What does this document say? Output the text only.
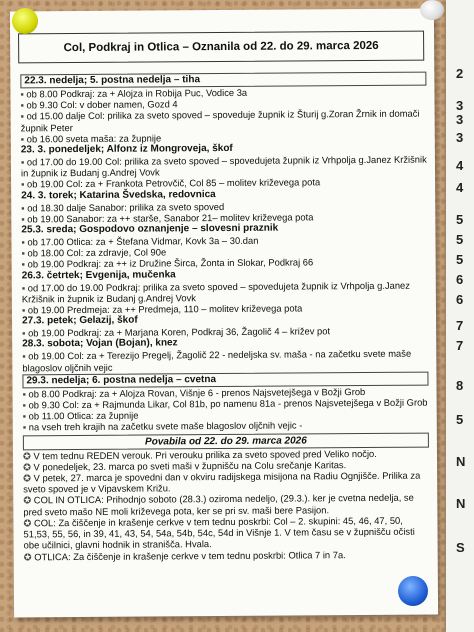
2
3
3
3
4
4
5
5
5
6
6
7
7
8
5
N
N
S
Col, Podkraj in Otlica – Oznanila od 22. do 29. marca 2026
22.3. nedelja; 5. postna nedelja – tiha
▪ ob 8.00 Podkraj: za + Alojza in Robija Puc, Vodice 3a
▪ ob 9.30 Col: v dober namen, Gozd 4
▪ od 15.00 dalje Col: prilika za sveto spoved – spoveduje župnik iz Šturij g.Zoran Žrnik in domači župnik Peter
▪ ob 16.00 sveta maša: za župnije
23. 3. ponedeljek; Alfonz iz Mongroveja, škof
▪ od 17.00 do 19.00 Col: prilika za sveto spoved – spovedujeta župnik iz Vrhpolja g.Janez Kržišnik in župnik iz Budanj g.Andrej Vovk
▪ ob 19.00 Col: za + Frankota Petrovčič, Col 85 – molitev križevega pota
24. 3. torek; Katarina Švedska, redovnica
▪ od 18.30 dalje Sanabor: prilika za sveto spoved
▪ ob 19.00 Sanabor: za ++ starše, Sanabor 21– molitev križevega pota
25.3. sreda; Gospodovo oznanjenje – slovesni praznik
▪ ob 17.00 Otlica: za + Štefana Vidmar, Kovk 3a – 30.dan
▪ ob 18.00 Col: za zdravje, Col 90e
▪ ob 19.00 Podkraj: za ++ iz Družine Širca, Žonta in Slokar, Podkraj 66
26.3. četrtek; Evgenija, mučenka
▪ od 17.00 do 19.00 Podkraj: prilika za sveto spoved – spovedujeta župnik iz Vrhpolja g.Janez Kržišnik in župnik iz Budanj g.Andrej Vovk
▪ ob 19.00 Predmeja: za ++ Predmeja, 110 – molitev križevega pota
27.3. petek; Gelazij, škof
▪ ob 19.00 Podkraj: za + Marjana Koren, Podkraj 36, Žagolič 4 – križev pot
28.3. sobota; Vojan (Bojan), knez
▪ ob 19.00 Col: za + Terezijo Pregelj, Žagolič 22 - nedeljska sv. maša - na začetku svete maše blagoslov oljčnih vejic
29.3. nedelja; 6. postna nedelja – cvetna
▪ ob 8.00 Podkraj: za + Alojza Rovan, Višnje 6 - prenos Najsvetejšega v Božji Grob
▪ ob 9.30 Col: za + Rajmunda Likar, Col 81b, po namenu 81a - prenos Najsvetejšega v Božji Grob
▪ ob 11.00 Otlica: za župnije
▪ na vseh treh krajih na začetku svete maše blagoslov oljčnih vejic -
Povabila od 22. do 29. marca 2026
✪ V tem tednu REDEN verouk. Pri verouku prilika za sveto spoved pred Veliko nočjo.
✪ V ponedeljek, 23. marca po sveti maši v župnišču na Colu srečanje Karitas.
✪ V petek, 27. marca je spovedni dan v okviru radijskega misijona na Radiu Ognjišče. Prilika za sveto spoved je v Vipavskem Križu.
✪ COL IN OTLICA: Prihodnjo soboto (28.3.) oziroma nedeljo, (29.3.). ker je cvetna nedelja, se pred sveto mašo NE moli križevega pota, ker se pri sv. maši bere Pasijon.
✪ COL: Za čiščenje in krašenje cerkve v tem tednu poskrbi: Col – 2. skupini: 45, 46, 47, 50, 51,53, 55, 56, in 39, 41, 43, 54, 54a, 54b, 54c, 54d in Višnje 1. V tem času se v župnišču očisti obe učilnici, glavni hodnik in stranišča. Hvala.
✪ OTLICA: Za čiščenje in krašenje cerkve v tem tednu poskrbi: Otlica 7 in 7a.
